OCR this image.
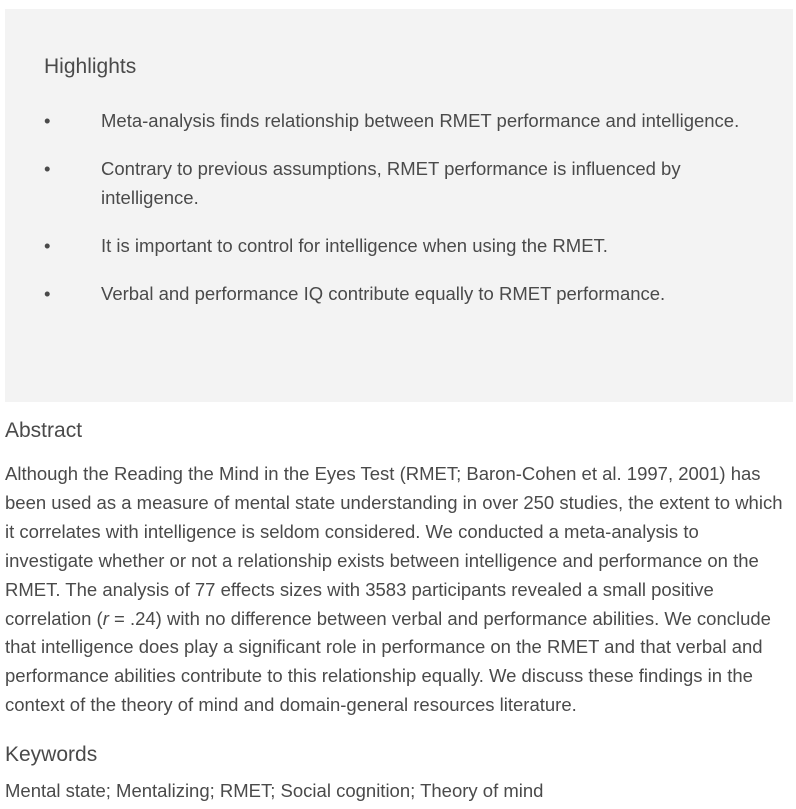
Highlights
•	Meta-analysis finds relationship between RMET performance and intelligence.
•	Contrary to previous assumptions, RMET performance is influenced by intelligence.
•	It is important to control for intelligence when using the RMET.
•	Verbal and performance IQ contribute equally to RMET performance.
Abstract

Although the Reading the Mind in the Eyes Test (RMET; Baron-Cohen et al. 1997, 2001) has been used as a measure of mental state understanding in over 250 studies, the extent to which it correlates with intelligence is seldom considered. We conducted a meta-analysis to investigate whether or not a relationship exists between intelligence and performance on the RMET. The analysis of 77 effects sizes with 3583 participants revealed a small positive correlation (r = .24) with no difference between verbal and performance abilities. We conclude that intelligence does play a significant role in performance on the RMET and that verbal and performance abilities contribute to this relationship equally. We discuss these findings in the context of the theory of mind and domain-general resources literature.

Keywords

Mental state; Mentalizing; RMET; Social cognition; Theory of mind
